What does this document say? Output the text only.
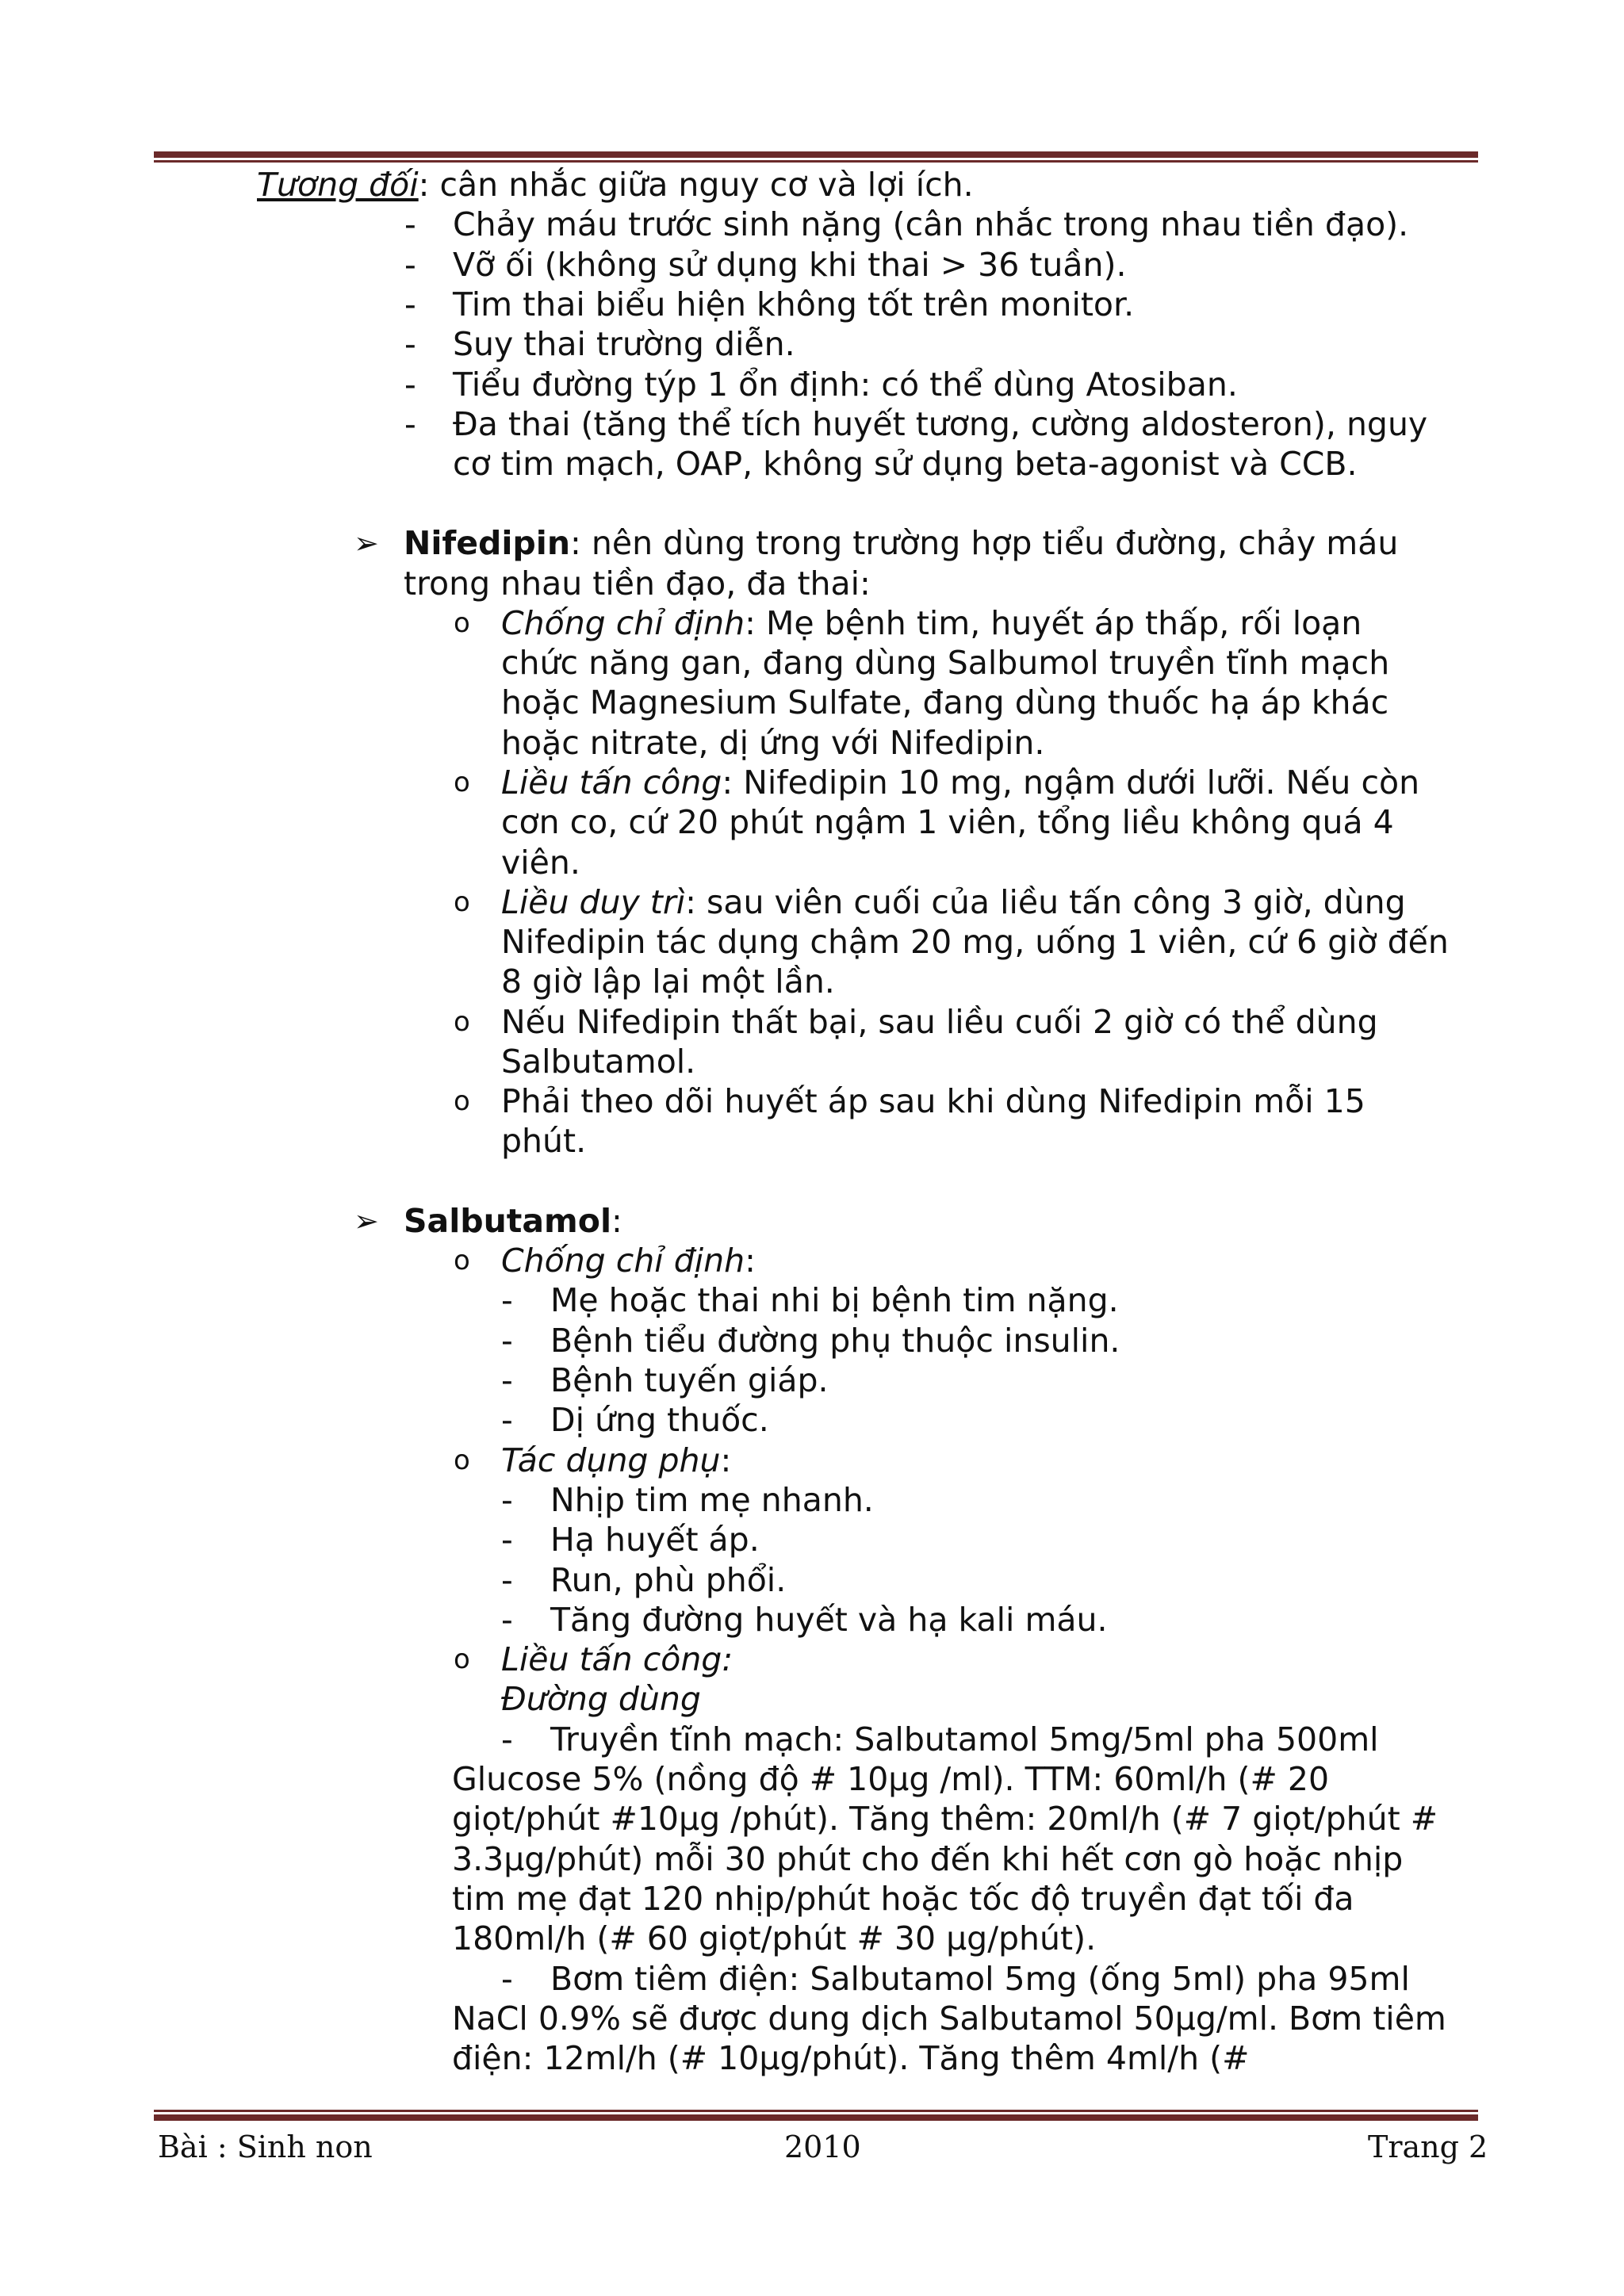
Tương đối: cân nhắc giữa nguy cơ và lợi ích.
- Chảy máu trước sinh nặng (cân nhắc trong nhau tiền đạo).
- Vỡ ối (không sử dụng khi thai > 36 tuần).
- Tim thai biểu hiện không tốt trên monitor.
- Suy thai trường diễn.
- Tiểu đường týp 1 ổn định: có thể dùng Atosiban.
- Đa thai (tăng thể tích huyết tương, cường aldosteron), nguy
cơ tim mạch, OAP, không sử dụng beta-agonist và CCB.
➢ Nifedipin: nên dùng trong trường hợp tiểu đường, chảy máu
trong nhau tiền đạo, đa thai:
o Chống chỉ định: Mẹ bệnh tim, huyết áp thấp, rối loạn
chức năng gan, đang dùng Salbumol truyền tĩnh mạch
hoặc Magnesium Sulfate, đang dùng thuốc hạ áp khác
hoặc nitrate, dị ứng với Nifedipin.
o Liều tấn công: Nifedipin 10 mg, ngậm dưới lưỡi. Nếu còn
cơn co, cứ 20 phút ngậm 1 viên, tổng liều không quá 4
viên.
o Liều duy trì: sau viên cuối của liều tấn công 3 giờ, dùng
Nifedipin tác dụng chậm 20 mg, uống 1 viên, cứ 6 giờ đến
8 giờ lập lại một lần.
o Nếu Nifedipin thất bại, sau liều cuối 2 giờ có thể dùng
Salbutamol.
o Phải theo dõi huyết áp sau khi dùng Nifedipin mỗi 15
phút.
➢ Salbutamol:
o Chống chỉ định:
- Mẹ hoặc thai nhi bị bệnh tim nặng.
- Bệnh tiểu đường phụ thuộc insulin.
- Bệnh tuyến giáp.
- Dị ứng thuốc.
o Tác dụng phụ:
- Nhịp tim mẹ nhanh.
- Hạ huyết áp.
- Run, phù phổi.
- Tăng đường huyết và hạ kali máu.
o Liều tấn công:
Đường dùng
- Truyền tĩnh mạch: Salbutamol 5mg/5ml pha 500ml
Glucose 5% (nồng độ # 10µg /ml). TTM: 60ml/h (# 20
giọt/phút #10µg /phút). Tăng thêm: 20ml/h (# 7 giọt/phút #
3.3µg/phút) mỗi 30 phút cho đến khi hết cơn gò hoặc nhịp
tim mẹ đạt 120 nhịp/phút hoặc tốc độ truyền đạt tối đa
180ml/h (# 60 giọt/phút # 30 µg/phút).
- Bơm tiêm điện: Salbutamol 5mg (ống 5ml) pha 95ml
NaCl 0.9% sẽ được dung dịch Salbutamol 50µg/ml. Bơm tiêm
điện: 12ml/h (# 10µg/phút). Tăng thêm 4ml/h (#
Bài : Sinh non	2010	Trang 2
